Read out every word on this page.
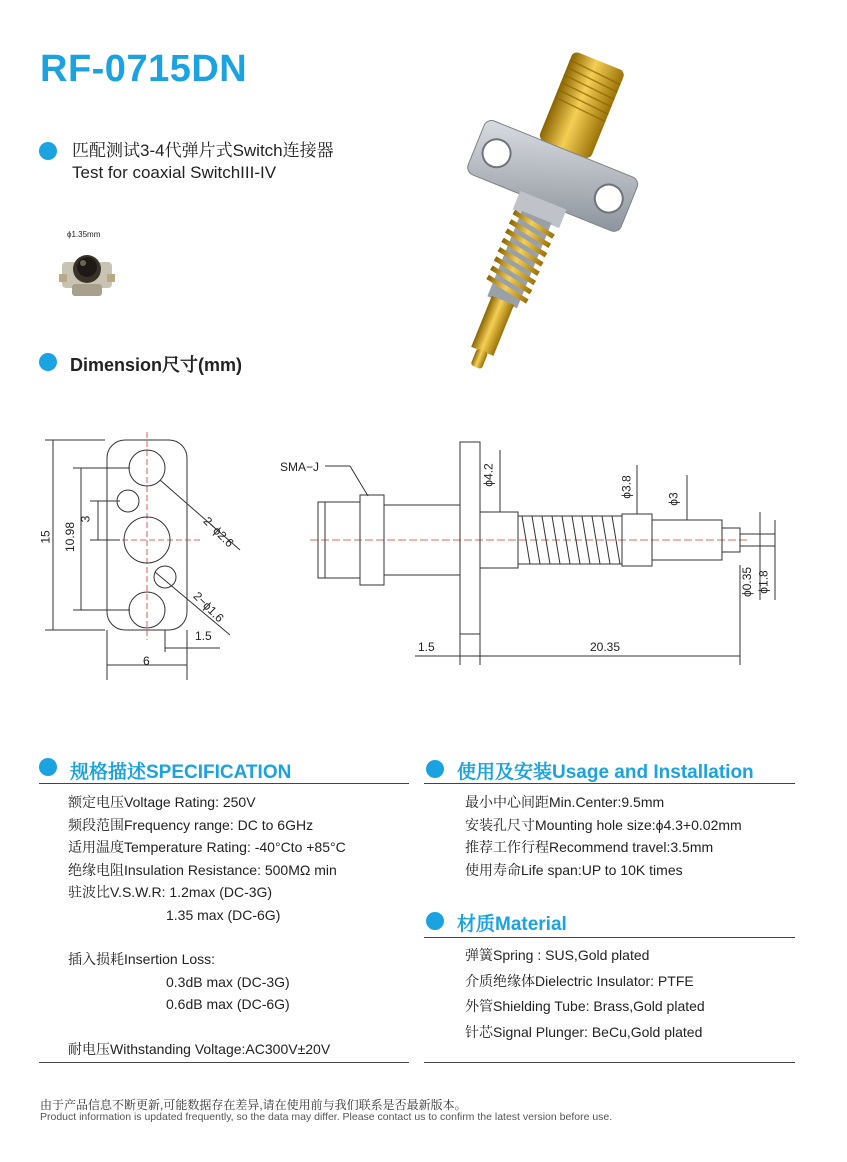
RF-0715DN
匹配测试3-4代弹片式Switch连接器
Test for coaxial SwitchIII-IV
ϕ1.35mm
Dimension尺寸(mm)
15 10.98
3	2−ϕ2.6
2−ϕ1.6
1.5
6
SMA−J	ϕ4.2
ϕ3.8
ϕ3
ϕ0.35 ϕ1.8
1.5	20.35
规格描述SPECIFICATION
额定电压Voltage Rating: 250V
频段范围Frequency range: DC to 6GHz
适用温度Temperature Rating: -40°Cto +85°C
绝缘电阻Insulation Resistance: 500MΩ min
驻波比V.S.W.R: 1.2max (DC-3G)
1.35 max (DC-6G)
插入损耗Insertion Loss:
0.3dB max (DC-3G)
0.6dB max (DC-6G)
耐电压Withstanding Voltage:AC300V±20V
使用及安装Usage and Installation
最小中心间距Min.Center:9.5mm
安装孔尺寸Mounting hole size:ϕ4.3+0.02mm
推荐工作行程Recommend travel:3.5mm
使用寿命Life span:UP to 10K times
材质Material
弹簧Spring : SUS,Gold plated
介质绝缘体Dielectric Insulator: PTFE
外管Shielding Tube: Brass,Gold plated
针芯Signal Plunger: BeCu,Gold plated
由于产品信息不断更新,可能数据存在差异,请在使用前与我们联系是否最新版本。
Product information is updated frequently, so the data may differ. Please contact us to confirm the latest version before use.
